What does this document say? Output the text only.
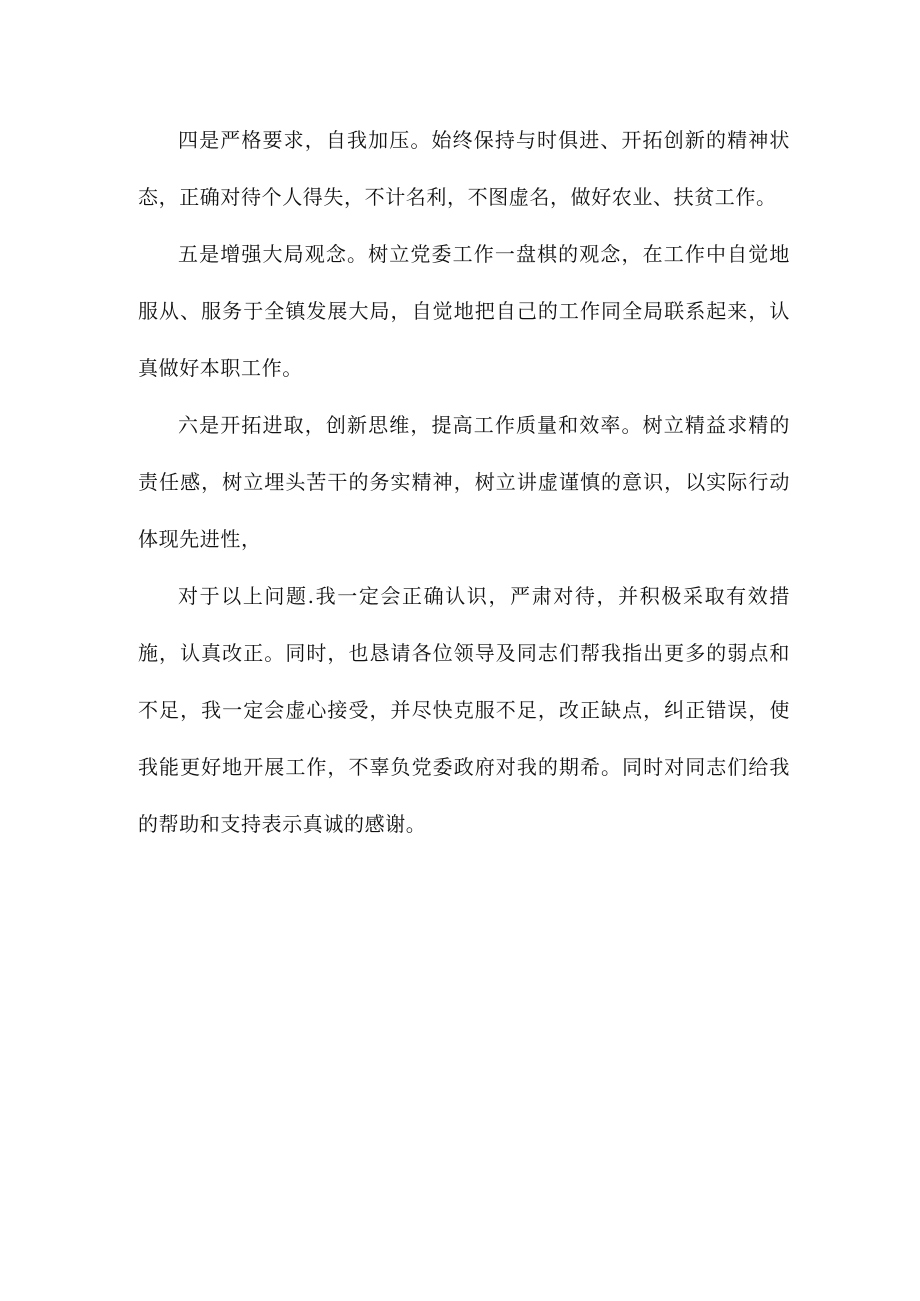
四是严格要求，自我加压。始终保持与时俱进、开拓创新的精神状态，正确对待个人得失，不计名利，不图虚名，做好农业、扶贫工作。

五是增强大局观念。树立党委工作一盘棋的观念，在工作中自觉地服从、服务于全镇发展大局，自觉地把自己的工作同全局联系起来，认真做好本职工作。

六是开拓进取，创新思维，提高工作质量和效率。树立精益求精的责任感，树立埋头苦干的务实精神，树立讲虚谨慎的意识，以实际行动体现先进性，

对于以上问题.我一定会正确认识，严肃对待，并积极采取有效措施，认真改正。同时，也恳请各位领导及同志们帮我指出更多的弱点和不足，我一定会虚心接受，并尽快克服不足，改正缺点，纠正错误，使我能更好地开展工作，不辜负党委政府对我的期希。同时对同志们给我的帮助和支持表示真诚的感谢。
